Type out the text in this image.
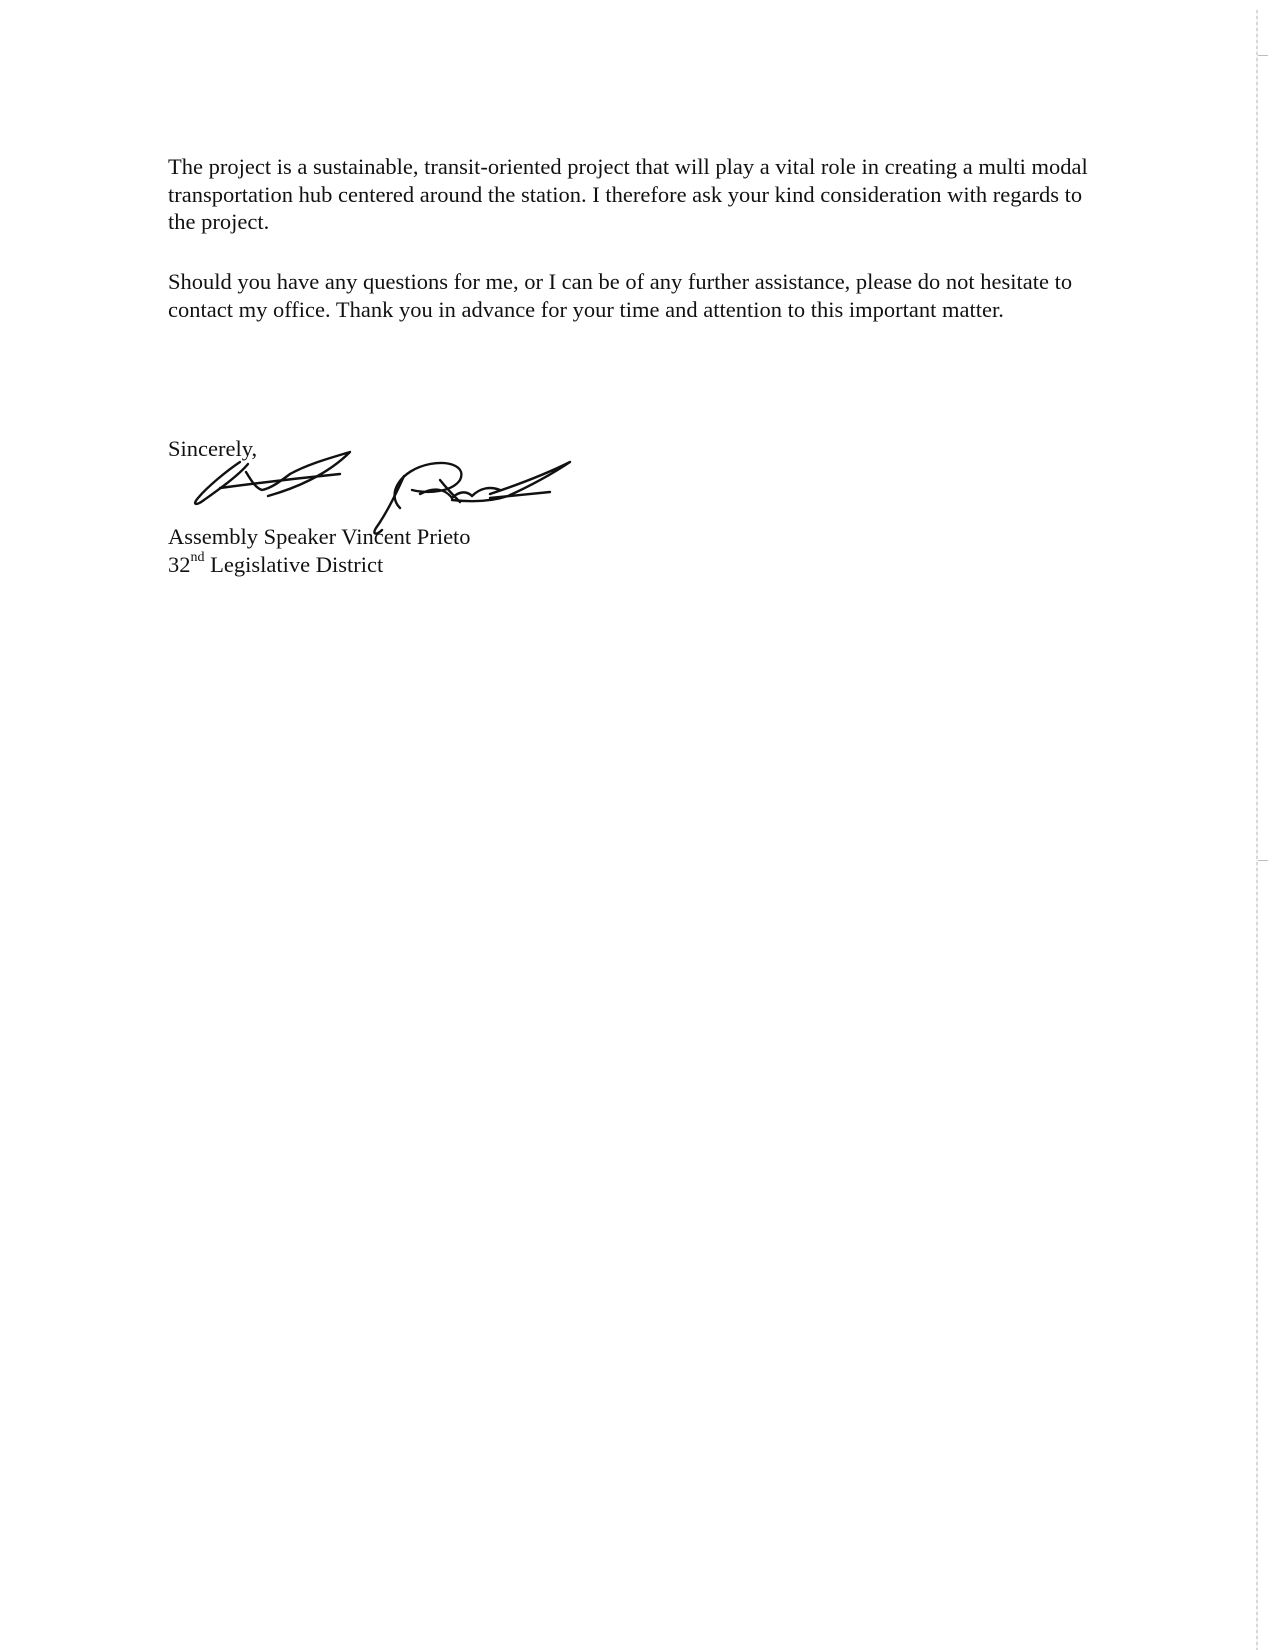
The project is a sustainable, transit-oriented project that will play a vital role in creating a multi modal transportation hub centered around the station. I therefore ask your kind consideration with regards to the project.

Should you have any questions for me, or I can be of any further assistance, please do not hesitate to contact my office. Thank you in advance for your time and attention to this important matter.

Sincerely,

Assembly Speaker Vincent Prieto

32nd Legislative District
